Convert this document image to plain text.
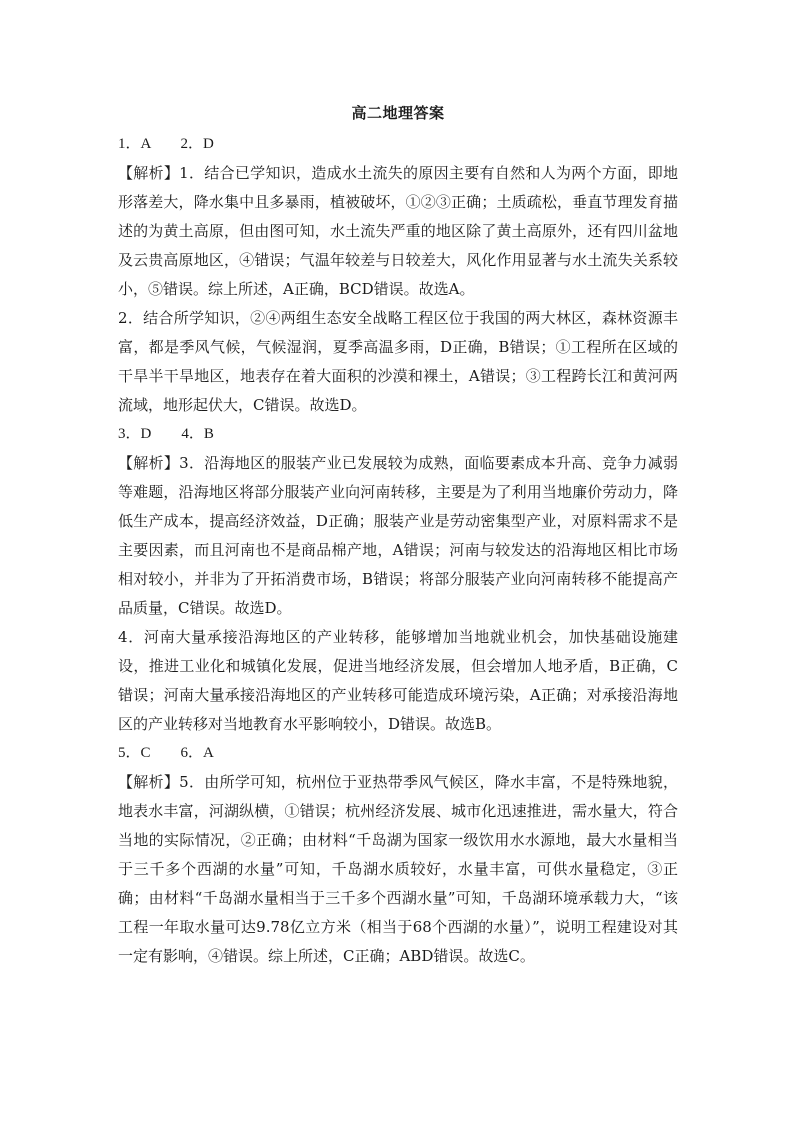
高二地理答案

1．A　　2．D

【解析】1．结合已学知识，造成水土流失的原因主要有自然和人为两个方面，即地形落差大，降水集中且多暴雨，植被破坏，①②③正确；土质疏松，垂直节理发育描述的为黄土高原，但由图可知，水土流失严重的地区除了黄土高原外，还有四川盆地及云贵高原地区，④错误；气温年较差与日较差大，风化作用显著与水土流失关系较小，⑤错误。综上所述，A正确，BCD错误。故选A。

2．结合所学知识，②④两组生态安全战略工程区位于我国的两大林区，森林资源丰富，都是季风气候，气候湿润，夏季高温多雨，D正确，B错误；①工程所在区域的干旱半干旱地区，地表存在着大面积的沙漠和裸土，A错误；③工程跨长江和黄河两流域，地形起伏大，C错误。故选D。

3．D　　4．B

【解析】3．沿海地区的服装产业已发展较为成熟，面临要素成本升高、竞争力减弱等难题，沿海地区将部分服装产业向河南转移，主要是为了利用当地廉价劳动力，降低生产成本，提高经济效益，D正确；服装产业是劳动密集型产业，对原料需求不是主要因素，而且河南也不是商品棉产地，A错误；河南与较发达的沿海地区相比市场相对较小，并非为了开拓消费市场，B错误；将部分服装产业向河南转移不能提高产品质量，C错误。故选D。

4．河南大量承接沿海地区的产业转移，能够增加当地就业机会，加快基础设施建设，推进工业化和城镇化发展，促进当地经济发展，但会增加人地矛盾，B正确，C错误；河南大量承接沿海地区的产业转移可能造成环境污染，A正确；对承接沿海地区的产业转移对当地教育水平影响较小，D错误。故选B。

5．C　　6．A

【解析】5．由所学可知，杭州位于亚热带季风气候区，降水丰富，不是特殊地貌，地表水丰富，河湖纵横，①错误；杭州经济发展、城市化迅速推进，需水量大，符合当地的实际情况，②正确；由材料“千岛湖为国家一级饮用水水源地，最大水量相当于三千多个西湖的水量”可知，千岛湖水质较好，水量丰富，可供水量稳定，③正确；由材料“千岛湖水量相当于三千多个西湖水量”可知，千岛湖环境承载力大，“该工程一年取水量可达9.78亿立方米（相当于68个西湖的水量）”，说明工程建设对其一定有影响，④错误。综上所述，C正确；ABD错误。故选C。
